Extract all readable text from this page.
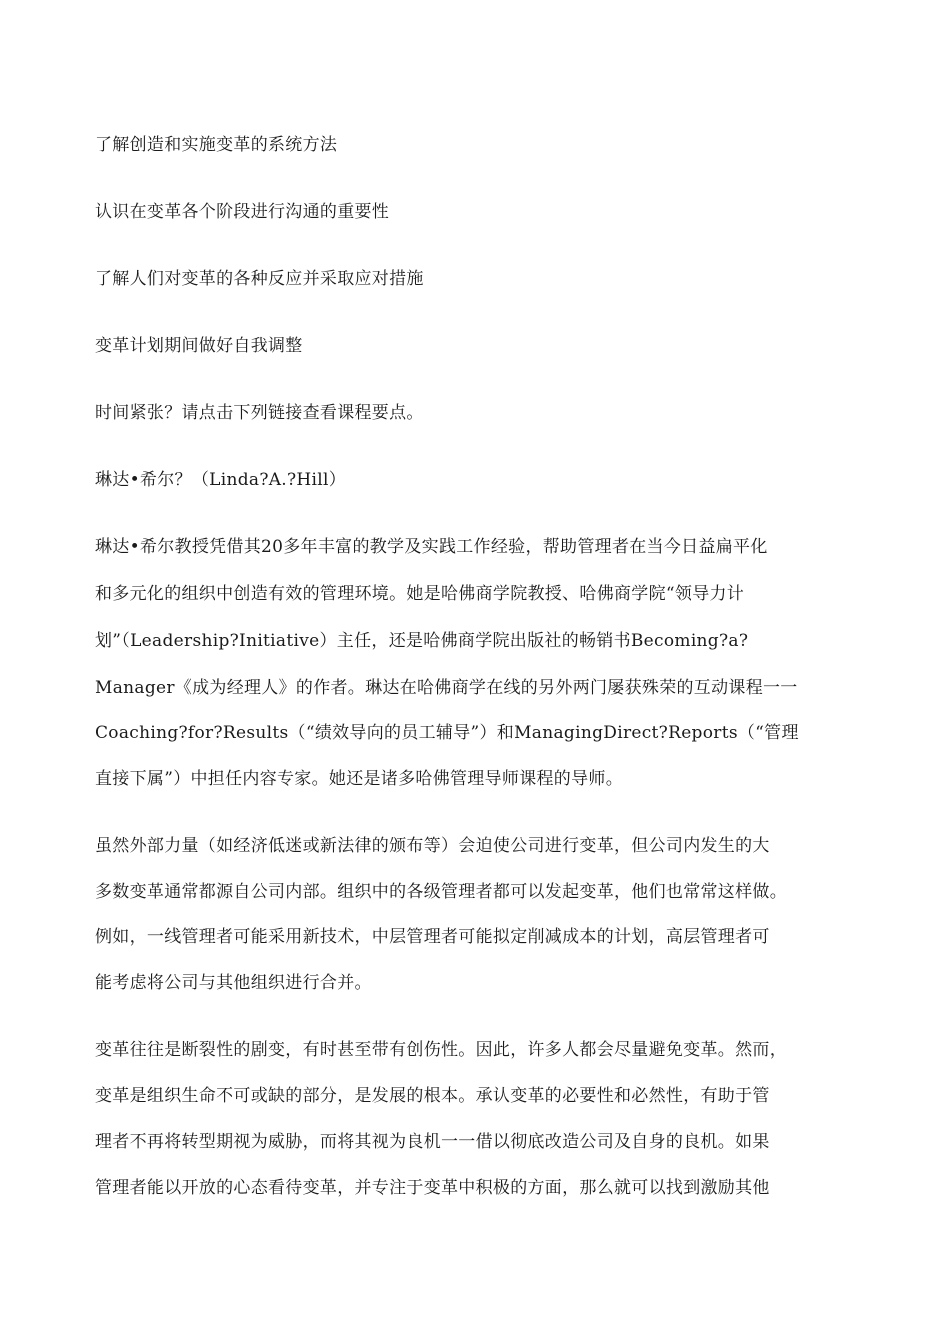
了解创造和实施变革的系统方法

认识在变革各个阶段进行沟通的重要性

了解人们对变革的各种反应并采取应对措施

变革计划期间做好自我调整

时间紧张？请点击下列链接查看课程要点。

琳达•希尔？（Linda?A.?Hill）

琳达•希尔教授凭借其20多年丰富的教学及实践工作经验，帮助管理者在当今日益扁平化

和多元化的组织中创造有效的管理环境。她是哈佛商学院教授、哈佛商学院“领导力计

划”（Leadership?Initiative）主任，还是哈佛商学院出版社的畅销书Becoming?a?

Manager《成为经理人》的作者。琳达在哈佛商学在线的另外两门屡获殊荣的互动课程一一

Coaching?for?Results（“绩效导向的员工辅导”）和ManagingDirect?Reports（“管理

直接下属”）中担任内容专家。她还是诸多哈佛管理导师课程的导师。

虽然外部力量（如经济低迷或新法律的颁布等）会迫使公司进行变革，但公司内发生的大

多数变革通常都源自公司内部。组织中的各级管理者都可以发起变革，他们也常常这样做。

例如，一线管理者可能采用新技术，中层管理者可能拟定削减成本的计划，高层管理者可

能考虑将公司与其他组织进行合并。

变革往往是断裂性的剧变，有时甚至带有创伤性。因此，许多人都会尽量避免变革。然而，

变革是组织生命不可或缺的部分，是发展的根本。承认变革的必要性和必然性，有助于管

理者不再将转型期视为威胁，而将其视为良机一一借以彻底改造公司及自身的良机。如果

管理者能以开放的心态看待变革，并专注于变革中积极的方面，那么就可以找到激励其他
